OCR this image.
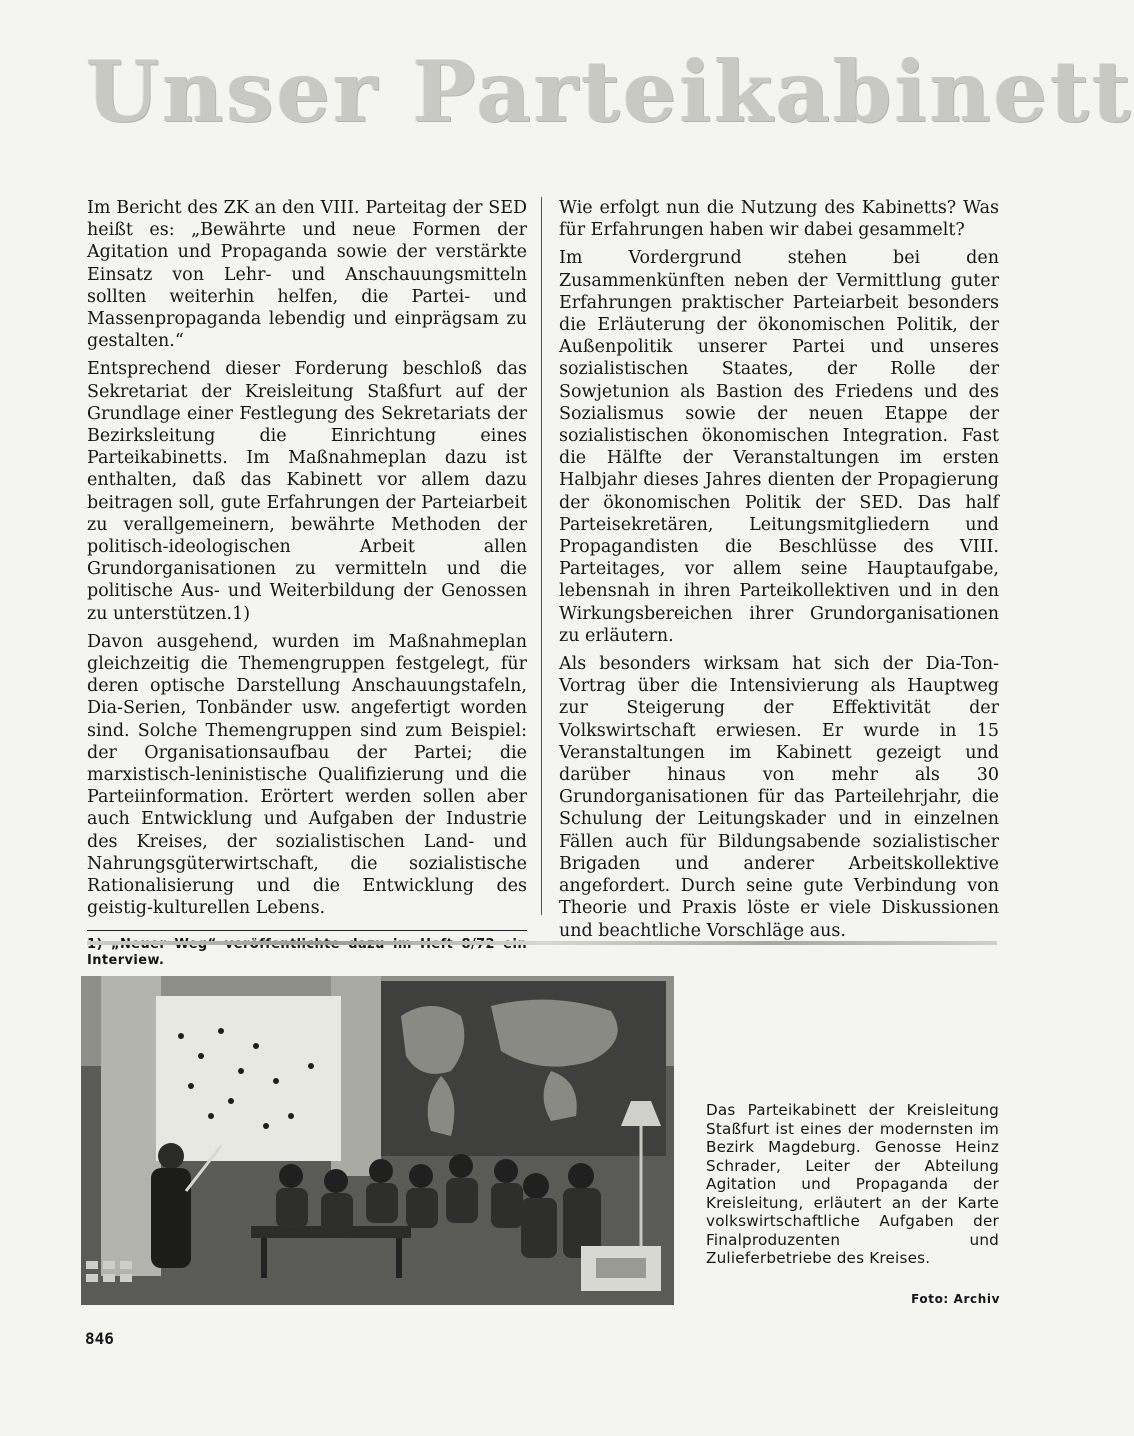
Unser Parteikabinett

Im Bericht des ZK an den VIII. Parteitag der SED heißt es: „Bewährte und neue Formen der Agitation und Propaganda sowie der verstärkte Einsatz von Lehr- und Anschauungsmitteln sollten weiterhin helfen, die Partei- und Massenpropaganda lebendig und einprägsam zu gestalten.“

Entsprechend dieser Forderung beschloß das Sekretariat der Kreisleitung Staßfurt auf der Grundlage einer Festlegung des Sekretariats der Bezirksleitung die Einrichtung eines Parteikabinetts. Im Maßnahmeplan dazu ist enthalten, daß das Kabinett vor allem dazu beitragen soll, gute Erfahrungen der Parteiarbeit zu verallgemeinern, bewährte Methoden der politisch-ideologischen Arbeit allen Grundorganisationen zu vermitteln und die politische Aus- und Weiterbildung der Genossen zu unterstützen.1)

Davon ausgehend, wurden im Maßnahmeplan gleichzeitig die Themengruppen festgelegt, für deren optische Darstellung Anschauungstafeln, Dia-Serien, Tonbänder usw. angefertigt worden sind. Solche Themengruppen sind zum Beispiel: der Organisationsaufbau der Partei; die marxistisch-leninistische Qualifizierung und die Parteiinformation. Erörtert werden sollen aber auch Entwicklung und Aufgaben der Industrie des Kreises, der sozialistischen Land- und Nahrungsgüterwirtschaft, die sozialistische Rationalisierung und die Entwicklung des geistig-kulturellen Lebens.

Interview.

Wie erfolgt nun die Nutzung des Kabinetts? Was für Erfahrungen haben wir dabei gesammelt?

Im Vordergrund stehen bei den Zusammenkünften neben der Vermittlung guter Erfahrungen praktischer Parteiarbeit besonders die Erläuterung der ökonomischen Politik, der Außenpolitik unserer Partei und unseres sozialistischen Staates, der Rolle der Sowjetunion als Bastion des Friedens und des Sozialismus sowie der neuen Etappe der sozialistischen ökonomischen Integration. Fast die Hälfte der Veranstaltungen im ersten Halbjahr dieses Jahres dienten der Propagierung der ökonomischen Politik der SED. Das half Parteisekretären, Leitungsmitgliedern und Propagandisten die Beschlüsse des VIII. Parteitages, vor allem seine Hauptaufgabe, lebensnah in ihren Parteikollektiven und in den Wirkungsbereichen ihrer Grundorganisationen zu erläutern.

Als besonders wirksam hat sich der Dia-Ton-Vortrag über die Intensivierung als Hauptweg zur Steigerung der Effektivität der Volkswirtschaft erwiesen. Er wurde in 15 Veranstaltungen im Kabinett gezeigt und darüber hinaus von mehr als 30 Grundorganisationen für das Parteilehrjahr, die Schulung der Leitungskader und in einzelnen Fällen auch für Bildungsabende sozialistischer Brigaden und anderer Arbeitskollektive angefordert. Durch seine gute Verbindung von Theorie und Praxis löste er viele Diskussionen und beachtliche Vorschläge aus.

Das Parteikabinett der Kreisleitung Staßfurt ist eines der modernsten im Bezirk Magdeburg. Genosse Heinz Schrader, Leiter der Abteilung Agitation und Propaganda der Kreisleitung, erläutert an der Karte volkswirtschaftliche Aufgaben der Finalproduzenten und Zulieferbetriebe des Kreises.
Foto: Archiv
846
